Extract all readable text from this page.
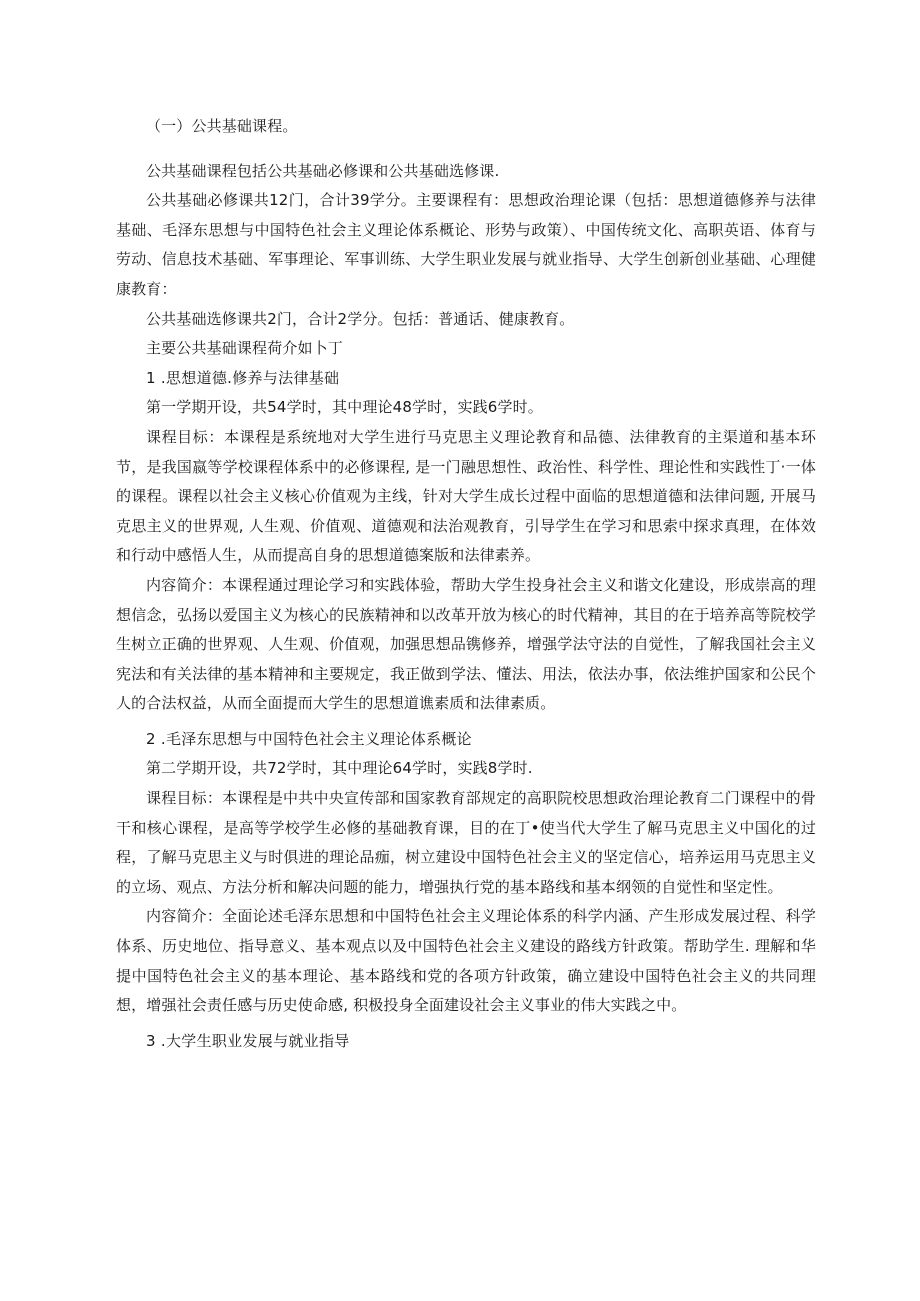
（一）公共基础课程。

公共基础课程包括公共基础必修课和公共基础选修课.

公共基础必修课共12门，合计39学分。主要课程有：思想政治理论课（包括：思想道德修养与法律基础、毛泽东思想与中国特色社会主义理论体系概论、形势与政策）、中国传统文化、高职英语、体育与劳动、信息技术基础、军事理论、军事训练、大学生职业发展与就业指导、大学生创新创业基础、心理健康教育：

公共基础选修课共2门，合计2学分。包括：普通话、健康教育。

主要公共基础课程荷介如卜丁

1 .思想道德.修养与法律基础

第一学期开设，共54学时，其中理论48学时，实践6学时。

课程目标：本课程是系统地对大学生进行马克思主义理论教育和品德、法律教育的主渠道和基本环节，是我国嬴等学校课程体系中的必修课程, 是一门融思想性、政治性、科学性、理论性和实践性丁·一体的课程。课程以社会主义核心价值观为主线，针对大学生成长过程中面临的思想道德和法律问题, 开展马克思主义的世界观, 人生观、价值观、道德观和法治观教育，引导学生在学习和思索中探求真理，在体效和行动中感悟人生，从而提高自身的思想道德案版和法律素养。

内容简介：本课程通过理论学习和实践体验，帮助大学生投身社会主义和谐文化建设，形成崇高的理想信念，弘扬以爱国主义为核心的民族精神和以改革开放为核心的时代精神，其目的在于培养高等院校学生树立正确的世界观、人生观、价值观，加强思想品镌修养，增强学法守法的自觉性，了解我国社会主义宪法和有关法律的基本精神和主要规定，我正做到学法、懂法、用法，依法办事，依法维护国家和公民个人的合法权益，从而全面提而大学生的思想道谯素质和法律素质。

2 .毛泽东思想与中国特色社会主义理论体系概论

第二学期开设，共72学时，其中理论64学时，实践8学时.

课程目标：本课程是中共中央宣传部和国家教育部规定的高职院校思想政治理论教育二门课程中的骨干和核心课程，是高等学校学生必修的基础教育课，目的在丁•使当代大学生了解马克思主义中国化的过程，了解马克思主义与时俱进的理论品痂，树立建设中国特色社会主义的坚定信心，培养运用马克思主义的立场、观点、方法分析和解决问题的能力，增强执行党的基本路线和基本纲领的自觉性和坚定性。

内容简介：全面论述毛泽东思想和中国特色社会主义理论体系的科学内涵、产生形成发展过程、科学体系、历史地位、指导意义、基本观点以及中国特色社会主义建设的路线方针政策。帮助学生. 理解和华提中国特色社会主义的基本理论、基本路线和党的各项方针政策，确立建设中国特色社会主义的共同理想，增强社会责任感与历史使命感, 积极投身全面建设社会主义事业的伟大实践之中。

3 .大学生职业发展与就业指导
